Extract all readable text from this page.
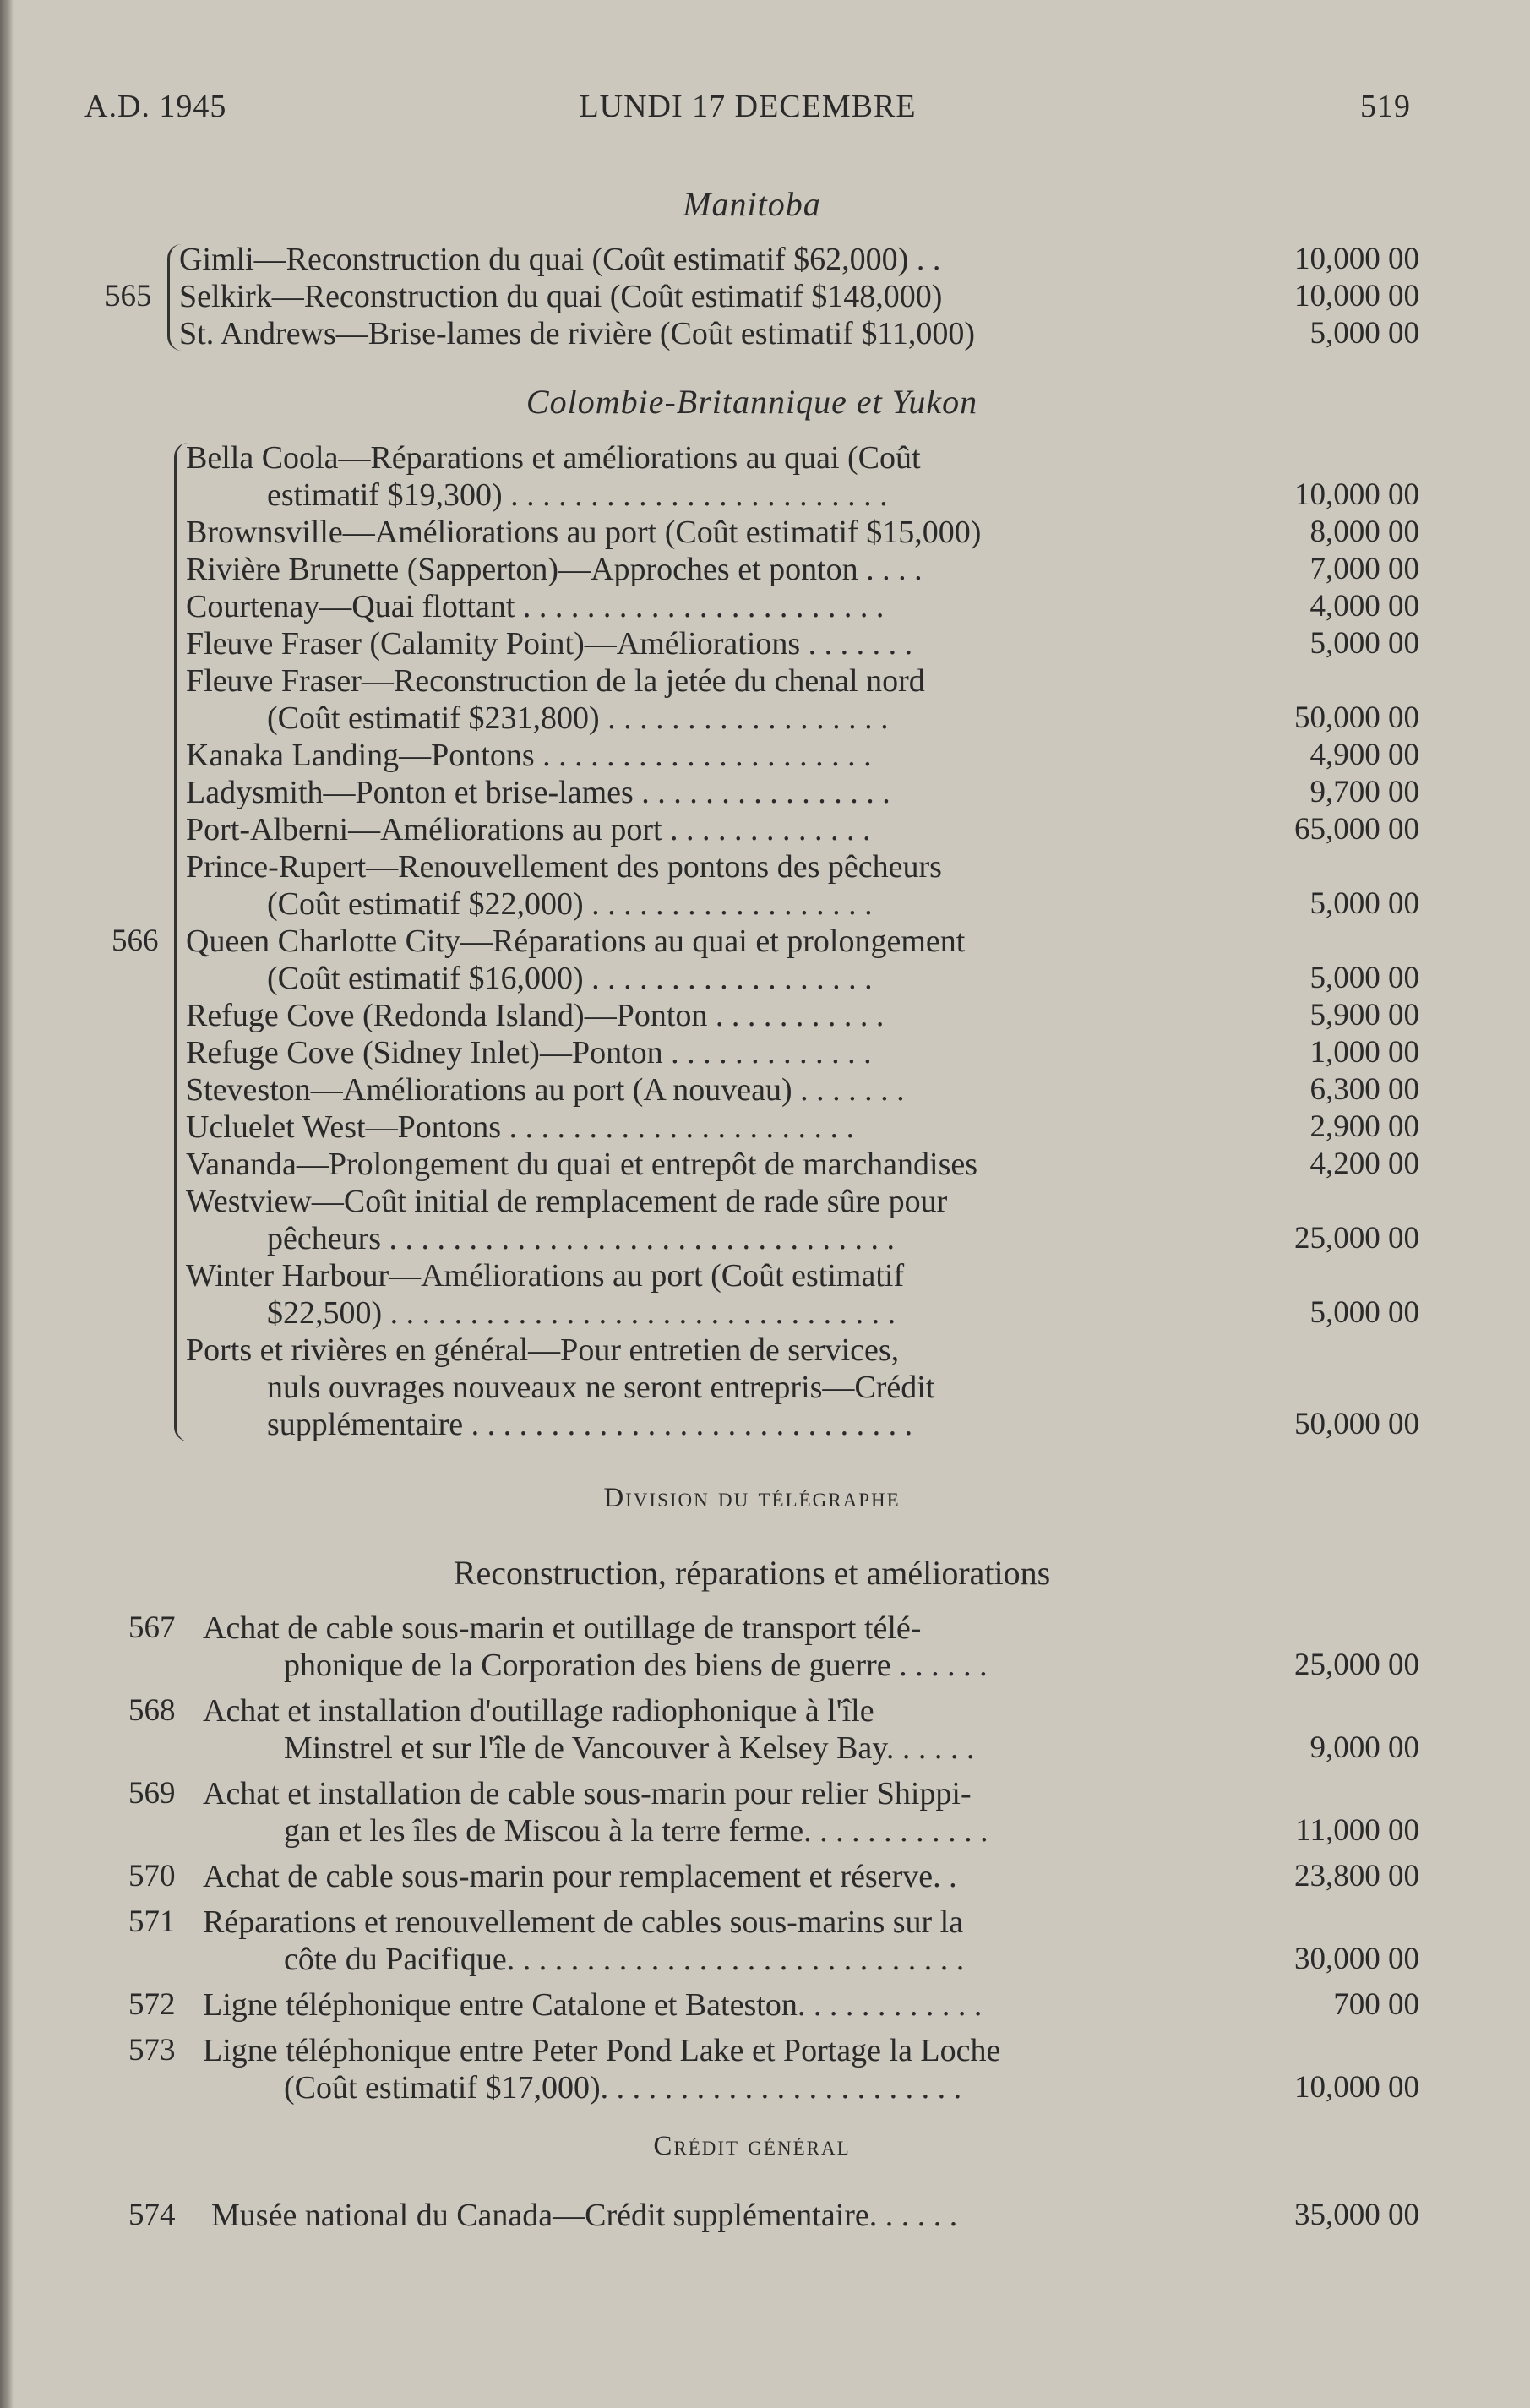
A.D. 1945	LUNDI 17 DECEMBRE	519
Manitoba
Gimli—Reconstruction du quai (Coût estimatif $62,000) . .	10,000 00
Selkirk—Reconstruction du quai (Coût estimatif $148,000)	10,000 00
St. Andrews—Brise-lames de rivière (Coût estimatif $11,000)	5,000 00
565
Colombie-Britannique et Yukon
Bella Coola—Réparations et améliorations au quai (Coût
estimatif $19,300) . . . . . . . . . . . . . . . . . . . . . . . .	10,000 00
Brownsville—Améliorations au port (Coût estimatif $15,000)	8,000 00
Rivière Brunette (Sapperton)—Approches et ponton . . . .	7,000 00
Courtenay—Quai flottant . . . . . . . . . . . . . . . . . . . . . . .	4,000 00
Fleuve Fraser (Calamity Point)—Améliorations . . . . . . .	5,000 00
Fleuve Fraser—Reconstruction de la jetée du chenal nord
(Coût estimatif $231,800) . . . . . . . . . . . . . . . . . .	50,000 00
Kanaka Landing—Pontons . . . . . . . . . . . . . . . . . . . . .	4,900 00
Ladysmith—Ponton et brise-lames . . . . . . . . . . . . . . . .	9,700 00
Port-Alberni—Améliorations au port . . . . . . . . . . . . .	65,000 00
Prince-Rupert—Renouvellement des pontons des pêcheurs
(Coût estimatif $22,000) . . . . . . . . . . . . . . . . . .	5,000 00
Queen Charlotte City—Réparations au quai et prolongement
(Coût estimatif $16,000) . . . . . . . . . . . . . . . . . .	5,000 00
Refuge Cove (Redonda Island)—Ponton . . . . . . . . . . .	5,900 00
Refuge Cove (Sidney Inlet)—Ponton . . . . . . . . . . . . .	1,000 00
Steveston—Améliorations au port (A nouveau) . . . . . . .	6,300 00
Ucluelet West—Pontons . . . . . . . . . . . . . . . . . . . . . .	2,900 00
Vananda—Prolongement du quai et entrepôt de marchandises	4,200 00
Westview—Coût initial de remplacement de rade sûre pour
pêcheurs . . . . . . . . . . . . . . . . . . . . . . . . . . . . . . . .	25,000 00
Winter Harbour—Améliorations au port (Coût estimatif
$22,500) . . . . . . . . . . . . . . . . . . . . . . . . . . . . . . . .	5,000 00
Ports et rivières en général—Pour entretien de services,
nuls ouvrages nouveaux ne seront entrepris—Crédit
supplémentaire . . . . . . . . . . . . . . . . . . . . . . . . . . . .	50,000 00
566
Division du télégraphe
Reconstruction, réparations et améliorations
567 Achat de cable sous-marin et outillage de transport télé-
phonique de la Corporation des biens de guerre . . . . . .	25,000 00
568 Achat et installation d'outillage radiophonique à l'île
Minstrel et sur l'île de Vancouver à Kelsey Bay. . . . . .	9,000 00
569 Achat et installation de cable sous-marin pour relier Shippi-
gan et les îles de Miscou à la terre ferme. . . . . . . . . . . .	11,000 00
570 Achat de cable sous-marin pour remplacement et réserve. .	23,800 00
571 Réparations et renouvellement de cables sous-marins sur la
côte du Pacifique. . . . . . . . . . . . . . . . . . . . . . . . . . . . .	30,000 00
572 Ligne téléphonique entre Catalone et Bateston. . . . . . . . . . . .	700 00
573 Ligne téléphonique entre Peter Pond Lake et Portage la Loche
(Coût estimatif $17,000). . . . . . . . . . . . . . . . . . . . . . .	10,000 00
Crédit général
574 Musée national du Canada—Crédit supplémentaire. . . . . .	35,000 00
